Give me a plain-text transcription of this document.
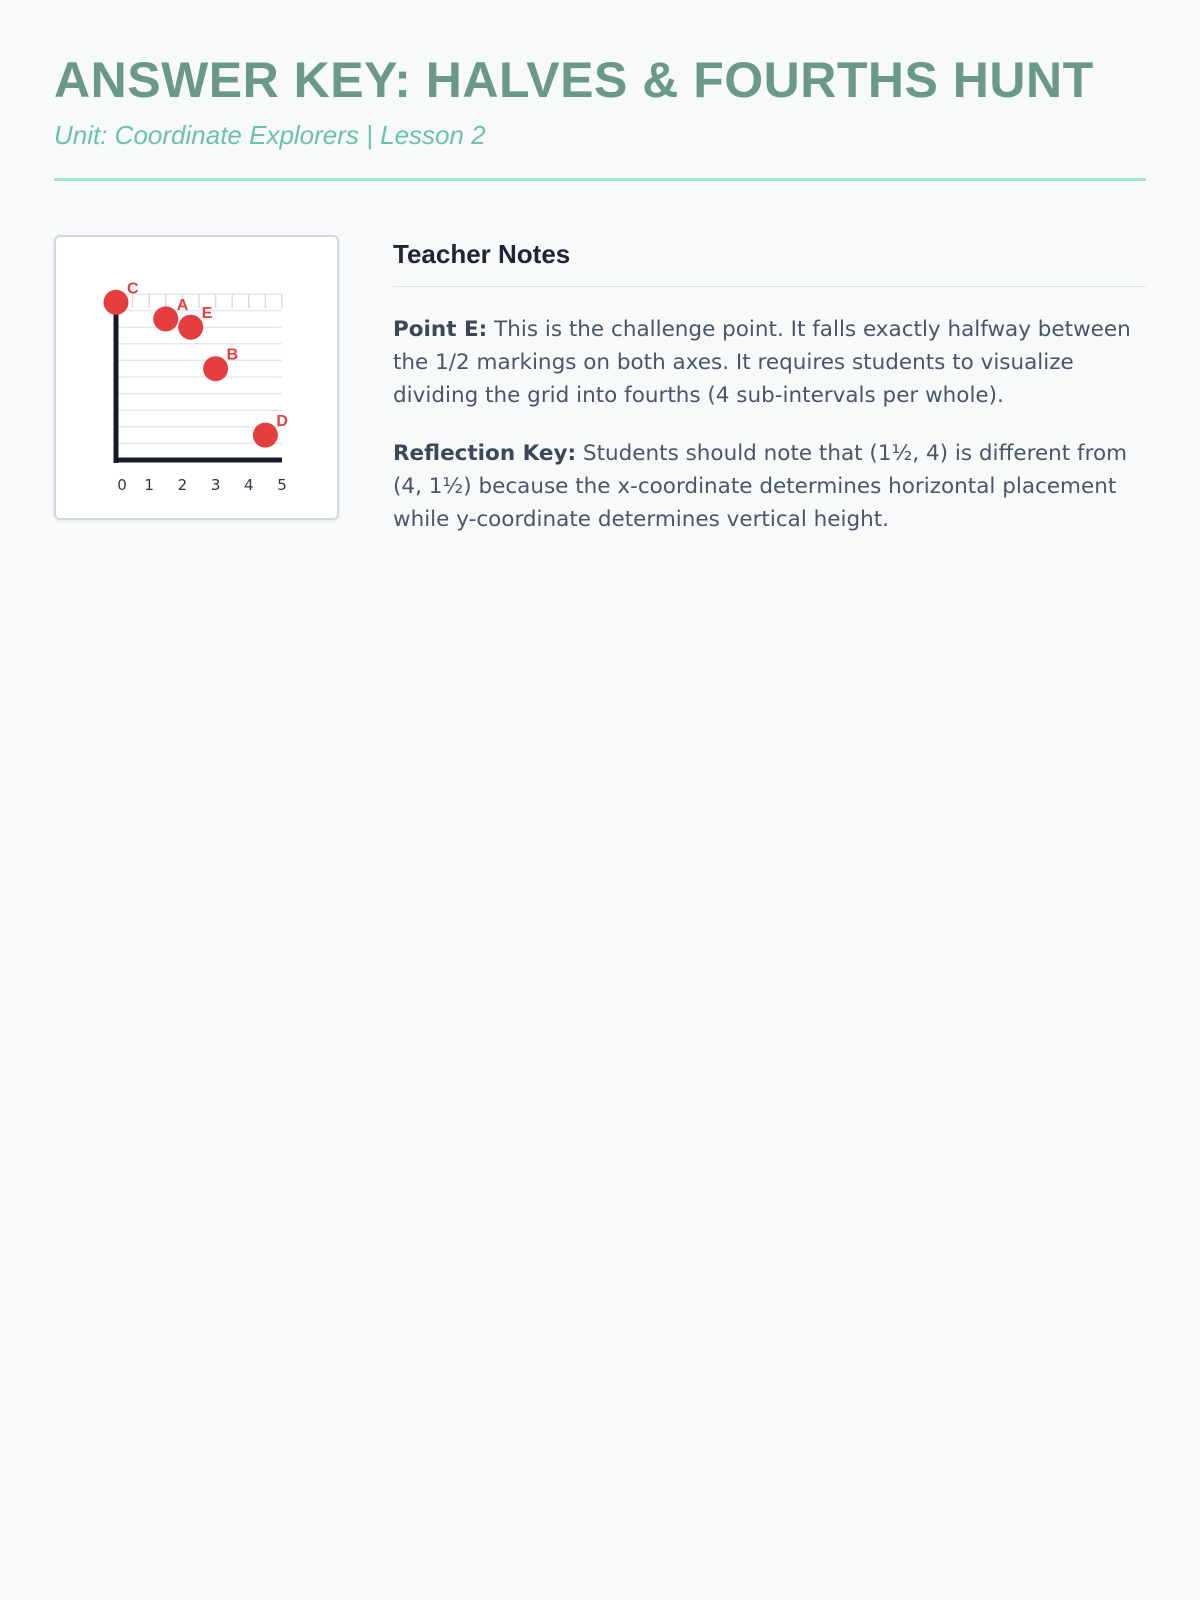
ANSWER KEY: HALVES & FOURTHS HUNT
Unit: Coordinate Explorers | Lesson 2
0 1 2 3 4 5
A
B
C
D
E
Teacher Notes

Point E: This is the challenge point. It falls exactly halfway between the 1/2 markings on both axes. It requires students to visualize dividing the grid into fourths (4 sub-intervals per whole).

Reflection Key: Students should note that (1½, 4) is different from (4, 1½) because the x-coordinate determines horizontal placement while y-coordinate determines vertical height.
